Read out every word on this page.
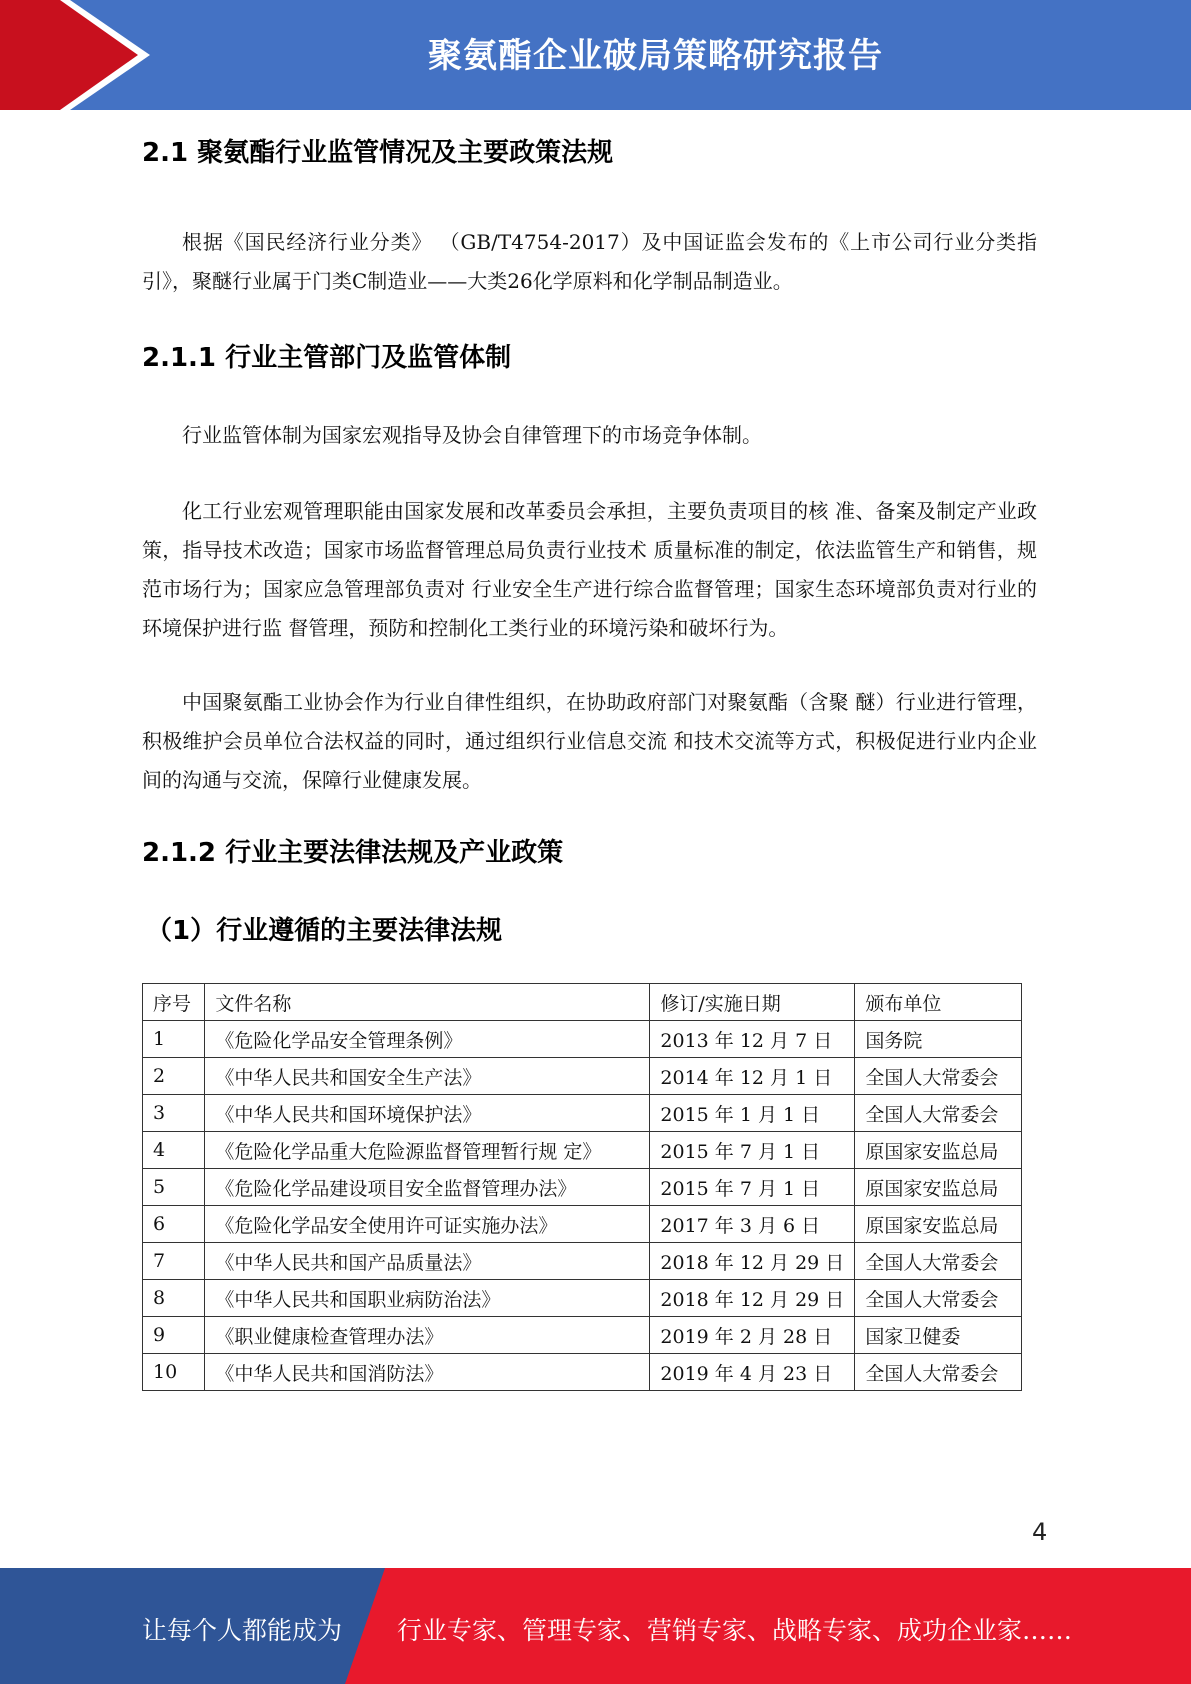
聚氨酯企业破局策略研究报告
2.1 聚氨酯行业监管情况及主要政策法规

根据《国民经济行业分类》 （GB/T4754-2017）及中国证监会发布的《上市公司行业分类指引》，聚醚行业属于门类C制造业——大类26化学原料和化学制品制造业。

2.1.1 行业主管部门及监管体制

行业监管体制为国家宏观指导及协会自律管理下的市场竞争体制。

化工行业宏观管理职能由国家发展和改革委员会承担，主要负责项目的核 准、备案及制定产业政策，指导技术改造；国家市场监督管理总局负责行业技术 质量标准的制定，依法监管生产和销售，规范市场行为；国家应急管理部负责对 行业安全生产进行综合监督管理；国家生态环境部负责对行业的环境保护进行监 督管理，预防和控制化工类行业的环境污染和破坏行为。

中国聚氨酯工业协会作为行业自律性组织，在协助政府部门对聚氨酯（含聚 醚）行业进行管理，积极维护会员单位合法权益的同时，通过组织行业信息交流 和技术交流等方式，积极促进行业内企业间的沟通与交流，保障行业健康发展。

2.1.2 行业主要法律法规及产业政策
（1）行业遵循的主要法律法规
序号	文件名称	修订/实施日期	颁布单位
1	《危险化学品安全管理条例》	2013 年 12 月 7 日	国务院
2	《中华人民共和国安全生产法》	2014 年 12 月 1 日	全国人大常委会
3	《中华人民共和国环境保护法》	2015 年 1 月 1 日	全国人大常委会
4	《危险化学品重大危险源监督管理暂行规 定》	2015 年 7 月 1 日	原国家安监总局
5	《危险化学品建设项目安全监督管理办法》	2015 年 7 月 1 日	原国家安监总局
6	《危险化学品安全使用许可证实施办法》	2017 年 3 月 6 日	原国家安监总局
7	《中华人民共和国产品质量法》	2018 年 12 月 29 日	全国人大常委会
8	《中华人民共和国职业病防治法》	2018 年 12 月 29 日	全国人大常委会
9	《职业健康检查管理办法》	2019 年 2 月 28 日	国家卫健委
10	《中华人民共和国消防法》	2019 年 4 月 23 日	全国人大常委会
4
让每个人都能成为 行业专家、管理专家、营销专家、战略专家、成功企业家……
